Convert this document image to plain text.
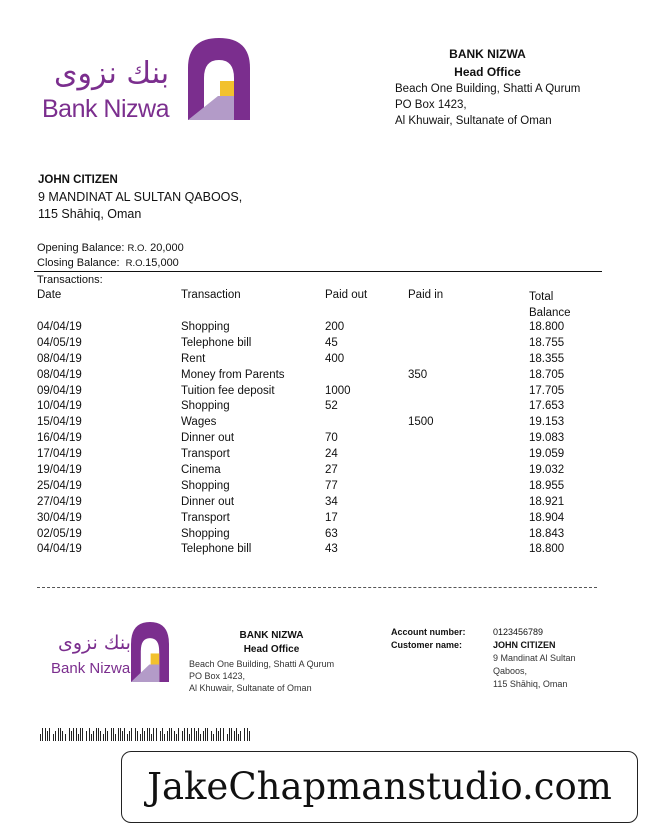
بنك نزوى
Bank Nizwa
BANK NIZWA
Head Office
Beach One Building, Shatti A Qurum
PO Box 1423,
Al Khuwair, Sultanate of Oman
JOHN CITIZEN
9 MANDINAT AL SULTAN QABOOS,
115 Shāhiq, Oman
Opening Balance: R.O. 20,000
Closing Balance: R.O.15,000
Transactions:
Date	Transaction	Paid out	Paid in	Total
Balance
04/04/19	Shopping	200		18.800
04/05/19	Telephone bill	45		18.755
08/04/19	Rent	400		18.355
08/04/19	Money from Parents		350	18.705
09/04/19	Tuition fee deposit	1000		17.705
10/04/19	Shopping	52		17.653
15/04/19	Wages		1500	19.153
16/04/19	Dinner out	70		19.083
17/04/19	Transport	24		19.059
19/04/19	Cinema	27		19.032
25/04/19	Shopping	77		18.955
27/04/19	Dinner out	34		18.921
30/04/19	Transport	17		18.904
02/05/19	Shopping	63		18.843
04/04/19	Telephone bill	43		18.800
بنك نزوى
Bank Nizwa
BANK NIZWA
Head Office
Beach One Building, Shatti A Qurum
PO Box 1423,
Al Khuwair, Sultanate of Oman
Account number:	0123456789
Customer name:	JOHN CITIZEN
9 Mandinat Al Sultan
Qaboos,
115 Shāhiq, Oman
JakeChapmanstudio.com
